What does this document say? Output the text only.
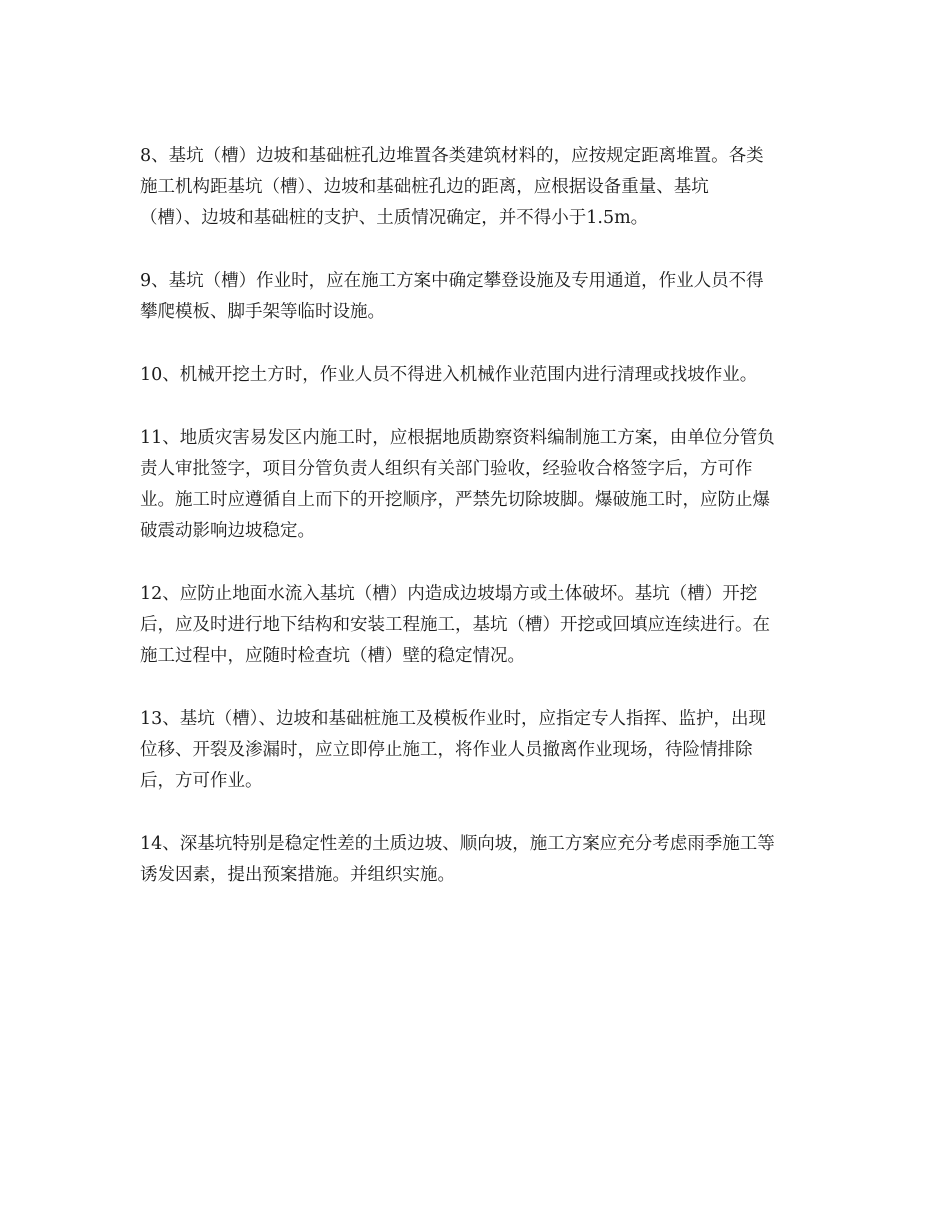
8、基坑（槽）边坡和基础桩孔边堆置各类建筑材料的，应按规定距离堆置。各类
施工机构距基坑（槽）、边坡和基础桩孔边的距离，应根据设备重量、基坑
（槽）、边坡和基础桩的支护、土质情况确定，并不得小于1.5m。
9、基坑（槽）作业时，应在施工方案中确定攀登设施及专用通道，作业人员不得
攀爬模板、脚手架等临时设施。
10、机械开挖土方时，作业人员不得进入机械作业范围内进行清理或找坡作业。
11、地质灾害易发区内施工时，应根据地质勘察资料编制施工方案，由单位分管负
责人审批签字，项目分管负责人组织有关部门验收，经验收合格签字后，方可作
业。施工时应遵循自上而下的开挖顺序，严禁先切除坡脚。爆破施工时，应防止爆
破震动影响边坡稳定。
12、应防止地面水流入基坑（槽）内造成边坡塌方或土体破坏。基坑（槽）开挖
后，应及时进行地下结构和安装工程施工，基坑（槽）开挖或回填应连续进行。在
施工过程中，应随时检查坑（槽）壁的稳定情况。
13、基坑（槽）、边坡和基础桩施工及模板作业时，应指定专人指挥、监护，出现
位移、开裂及渗漏时，应立即停止施工，将作业人员撤离作业现场，待险情排除
后，方可作业。
14、深基坑特别是稳定性差的土质边坡、顺向坡，施工方案应充分考虑雨季施工等
诱发因素，提出预案措施。并组织实施。
